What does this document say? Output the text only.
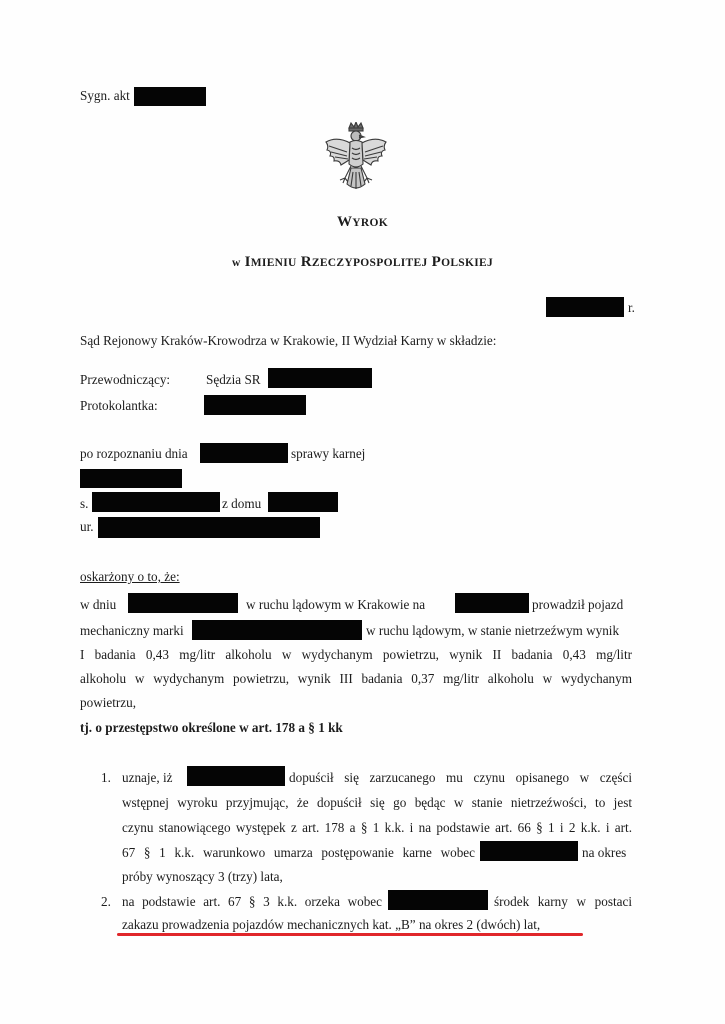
Sygn. akt
WYROK
w IMIENIU RZECZYPOSPOLITEJ POLSKIEJ
r.
Sąd Rejonowy Kraków-Krowodrza w Krakowie, II Wydział Karny w składzie:
Przewodniczący:	Sędzia SR
Protokolantka:
po rozpoznaniu dnia	sprawy karnej
s.	z domu
ur.
oskarżony o to, że:
w dniu	w ruchu lądowym w Krakowie na	prowadził pojazd
mechaniczny marki	w ruchu lądowym, w stanie nietrzeźwym wynik
I badania 0,43 mg/litr alkoholu w wydychanym powietrzu, wynik II badania 0,43 mg/litr
alkoholu w wydychanym powietrzu, wynik III badania 0,37 mg/litr alkoholu w wydychanym
powietrzu,
tj. o przestępstwo określone w art. 178 a § 1 kk
1. uznaje, iż	dopuścił się zarzucanego mu czynu opisanego w części
wstępnej wyroku przyjmując, że dopuścił się go będąc w stanie nietrzeźwości, to jest
czynu stanowiącego występek z art. 178 a § 1 k.k. i na podstawie art. 66 § 1 i 2 k.k. i art.
67 § 1 k.k. warunkowo umarza postępowanie karne wobec	na okres
próby wynoszący 3 (trzy) lata,
2. na podstawie art. 67 § 3 k.k. orzeka wobec	środek karny w postaci
zakazu prowadzenia pojazdów mechanicznych kat. „B” na okres 2 (dwóch) lat,
